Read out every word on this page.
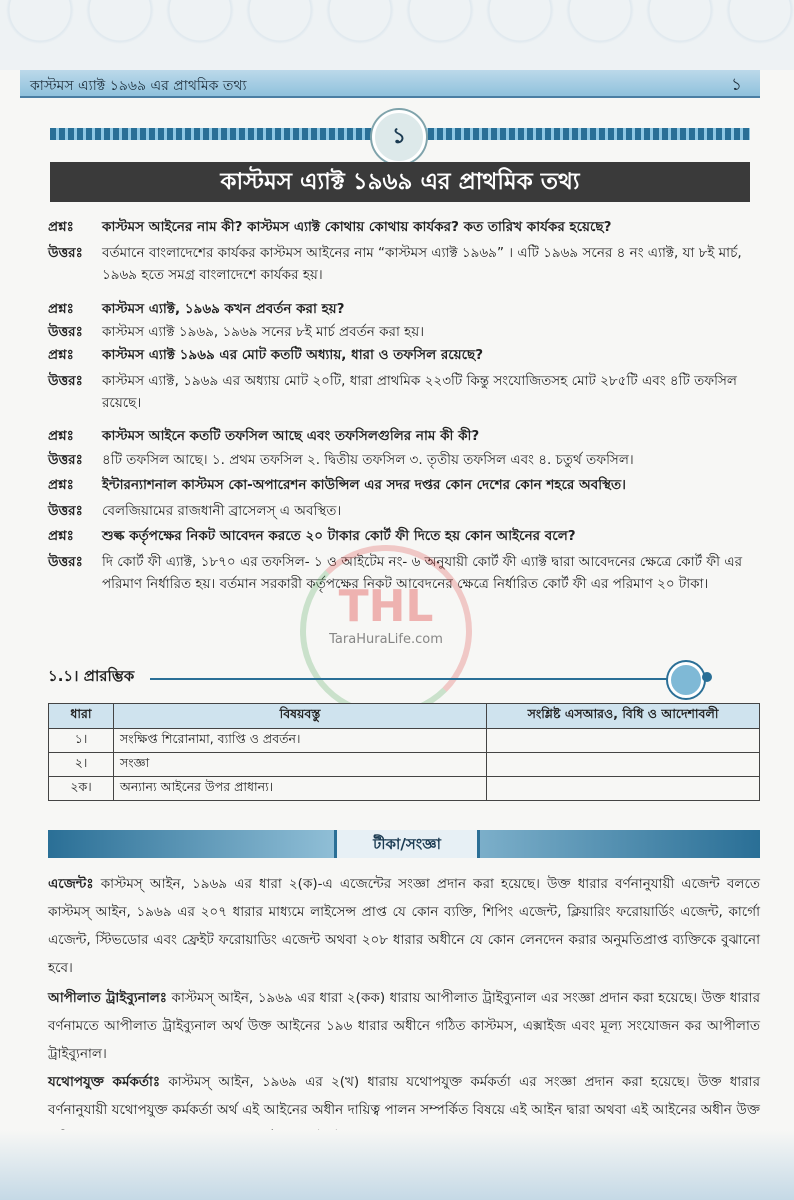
কাস্টমস এ্যাক্ট ১৯৬৯ এর প্রাথমিক তথ্য	১
১
কাস্টমস এ্যাক্ট ১৯৬৯ এর প্রাথমিক তথ্য
প্রশ্নঃ	কাস্টমস আইনের নাম কী? কাস্টমস এ্যাক্ট কোথায় কোথায় কার্যকর? কত তারিখ কার্যকর হয়েছে?
উত্তরঃ	বর্তমানে বাংলাদেশের কার্যকর কাস্টমস আইনের নাম “কাস্টমস এ্যাক্ট ১৯৬৯” । এটি ১৯৬৯ সনের ৪ নং এ্যাক্ট, যা ৮ই মার্চ, ১৯৬৯ হতে সমগ্র বাংলাদেশে কার্যকর হয়।
প্রশ্নঃ	কাস্টমস এ্যাক্ট, ১৯৬৯ কখন প্রবর্তন করা হয়?
উত্তরঃ	কাস্টমস এ্যাক্ট ১৯৬৯, ১৯৬৯ সনের ৮ই মার্চ প্রবর্তন করা হয়।
প্রশ্নঃ	কাস্টমস এ্যাক্ট ১৯৬৯ এর মোট কতটি অধ্যায়, ধারা ও তফসিল রয়েছে?
উত্তরঃ	কাস্টমস এ্যাক্ট, ১৯৬৯ এর অধ্যায় মোট ২০টি, ধারা প্রাথমিক ২২৩টি কিন্তু সংযোজিতসহ মোট ২৮৫টি এবং ৪টি তফসিল রয়েছে।
প্রশ্নঃ	কাস্টমস আইনে কতটি তফসিল আছে এবং তফসিলগুলির নাম কী কী?
উত্তরঃ	৪টি তফসিল আছে। ১. প্রথম তফসিল ২. দ্বিতীয় তফসিল ৩. তৃতীয় তফসিল এবং ৪. চতুর্থ তফসিল।
প্রশ্নঃ	ইন্টারন্যাশনাল কাস্টমস কো-অপারেশন কাউন্সিল এর সদর দপ্তর কোন দেশের কোন শহরে অবস্থিত।
উত্তরঃ	বেলজিয়ামের রাজধানী ব্রাসেলস্ এ অবস্থিত।
প্রশ্নঃ	শুল্ক কর্তৃপক্ষের নিকট আবেদন করতে ২০ টাকার কোর্ট ফী দিতে হয় কোন আইনের বলে?
উত্তরঃ	দি কোর্ট ফী এ্যাক্ট, ১৮৭০ এর তফসিল- ১ ও আইটেম নং- ৬ অনুযায়ী কোর্ট ফী এ্যাক্ট দ্বারা আবেদনের ক্ষেত্রে কোর্ট ফী এর পরিমাণ নির্ধারিত হয়। বর্তমান সরকারী কর্তৃপক্ষের নিকট আবেদনের ক্ষেত্রে নির্ধারিত কোর্ট ফী এর পরিমাণ ২০ টাকা।
THL
TaraHuraLife.com
১.১। প্রারম্ভিক
ধারা	বিষয়বস্তু	সংশ্লিষ্ট এসআরও, বিধি ও আদেশাবলী
১।	সংক্ষিপ্ত শিরোনামা, ব্যাপ্তি ও প্রবর্তন।	
২।	সংজ্ঞা	
২ক।	অন্যান্য আইনের উপর প্রাধান্য।	
টীকা/সংজ্ঞা
এজেন্টঃ কাস্টমস্ আইন, ১৯৬৯ এর ধারা ২(ক)-এ এজেন্টের সংজ্ঞা প্রদান করা হয়েছে। উক্ত ধারার বর্ণনানুযায়ী এজেন্ট বলতে কাস্টমস্ আইন, ১৯৬৯ এর ২০৭ ধারার মাধ্যমে লাইসেন্স প্রাপ্ত যে কোন ব্যক্তি, শিপিং এজেন্ট, ক্লিয়ারিং ফরোয়ার্ডিং এজেন্ট, কার্গো এজেন্ট, স্টিভডোর এবং ফ্রেইট ফরোয়াডিং এজেন্ট অথবা ২০৮ ধারার অধীনে যে কোন লেনদেন করার অনুমতিপ্রাপ্ত ব্যক্তিকে বুঝানো হবে।
আপীলাত ট্রাইব্যুনালঃ কাস্টমস্ আইন, ১৯৬৯ এর ধারা ২(কক) ধারায় আপীলাত ট্রাইব্যুনাল এর সংজ্ঞা প্রদান করা হয়েছে। উক্ত ধারার বর্ণনামতে আপীলাত ট্রাইব্যুনাল অর্থ উক্ত আইনের ১৯৬ ধারার অধীনে গঠিত কাস্টমস, এক্সাইজ এবং মূল্য সংযোজন কর আপীলাত ট্রাইব্যুনাল।
যথোপযুক্ত কর্মকর্তাঃ কাস্টমস্ আইন, ১৯৬৯ এর ২(খ) ধারায় যথোপযুক্ত কর্মকর্তা এর সংজ্ঞা প্রদান করা হয়েছে। উক্ত ধারার বর্ণনানুযায়ী যথোপযুক্ত কর্মকর্তা অর্থ এই আইনের অধীন দায়িত্ব পালন সম্পর্কিত বিষয়ে এই আইন দ্বারা অথবা এই আইনের অধীন উক্ত
